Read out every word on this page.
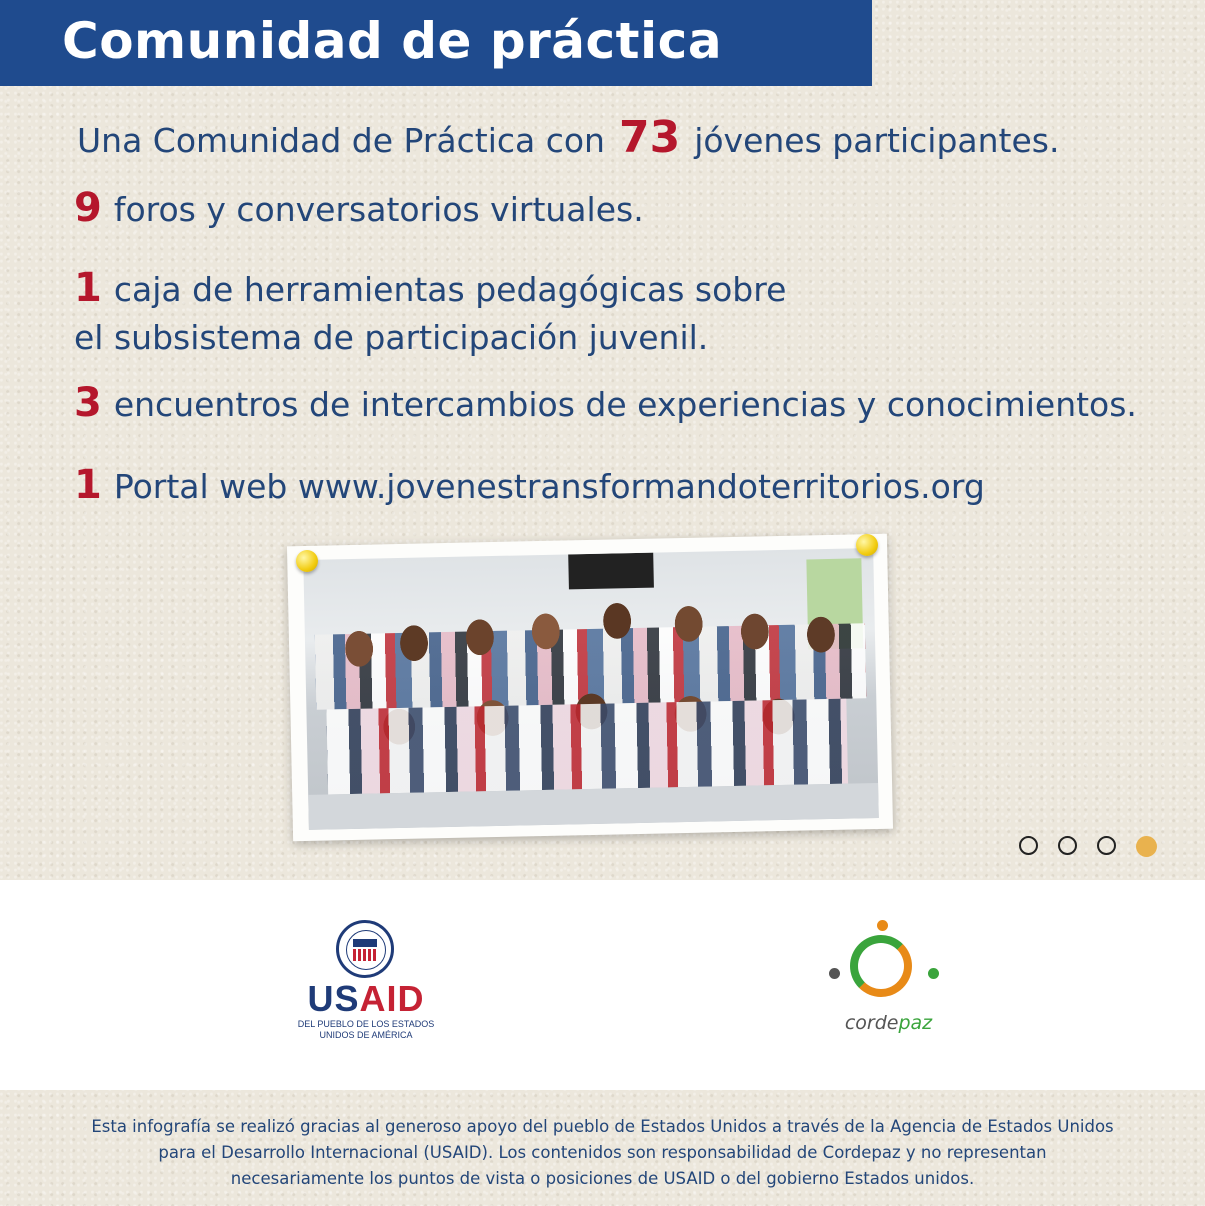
Comunidad de práctica
Una Comunidad de Práctica con 73 jóvenes participantes.
9 foros y conversatorios virtuales.
1 caja de herramientas pedagógicas sobre
el subsistema de participación juvenil.
3 encuentros de intercambios de experiencias y conocimientos.
1 Portal web www.jovenestransformandoterritorios.org
USAID
DEL PUEBLO DE LOS ESTADOS
UNIDOS DE AMÉRICA
cordepaz
Esta infografía se realizó gracias al generoso apoyo del pueblo de Estados Unidos a través de la Agencia de Estados Unidos
para el Desarrollo Internacional (USAID). Los contenidos son responsabilidad de Cordepaz y no representan
necesariamente los puntos de vista o posiciones de USAID o del gobierno Estados unidos.
